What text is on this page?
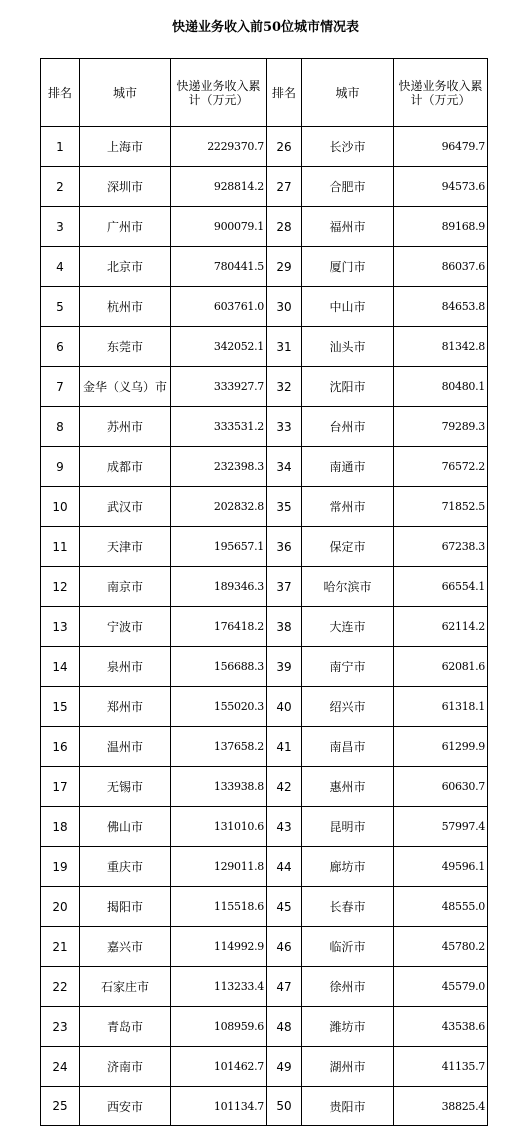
快递业务收入前50位城市情况表
排名	城市	快递业务收入累计（万元）	排名	城市	快递业务收入累计（万元）
1	上海市	2229370.7	26	长沙市	96479.7
2	深圳市	928814.2	27	合肥市	94573.6
3	广州市	900079.1	28	福州市	89168.9
4	北京市	780441.5	29	厦门市	86037.6
5	杭州市	603761.0	30	中山市	84653.8
6	东莞市	342052.1	31	汕头市	81342.8
7	金华（义乌）市	333927.7	32	沈阳市	80480.1
8	苏州市	333531.2	33	台州市	79289.3
9	成都市	232398.3	34	南通市	76572.2
10	武汉市	202832.8	35	常州市	71852.5
11	天津市	195657.1	36	保定市	67238.3
12	南京市	189346.3	37	哈尔滨市	66554.1
13	宁波市	176418.2	38	大连市	62114.2
14	泉州市	156688.3	39	南宁市	62081.6
15	郑州市	155020.3	40	绍兴市	61318.1
16	温州市	137658.2	41	南昌市	61299.9
17	无锡市	133938.8	42	惠州市	60630.7
18	佛山市	131010.6	43	昆明市	57997.4
19	重庆市	129011.8	44	廊坊市	49596.1
20	揭阳市	115518.6	45	长春市	48555.0
21	嘉兴市	114992.9	46	临沂市	45780.2
22	石家庄市	113233.4	47	徐州市	45579.0
23	青岛市	108959.6	48	潍坊市	43538.6
24	济南市	101462.7	49	湖州市	41135.7
25	西安市	101134.7	50	贵阳市	38825.4
